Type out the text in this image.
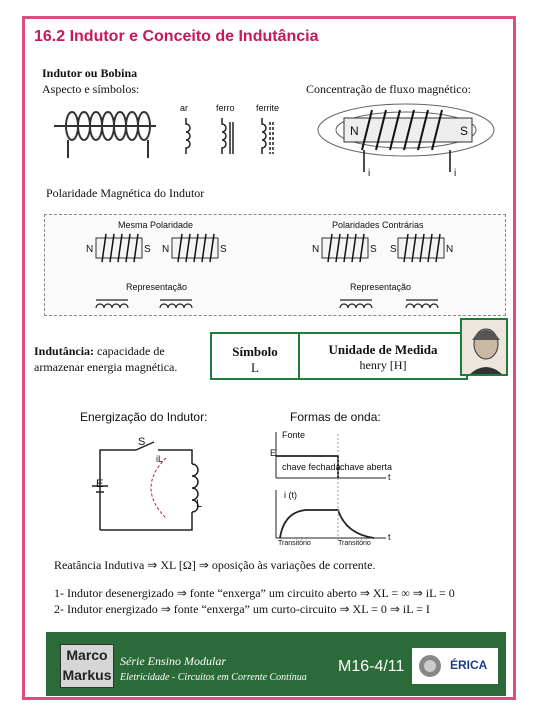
16.2 Indutor e Conceito de Indutância
Indutor ou Bobina
Aspecto e símbolos:	Concentração de fluxo magnético:
ar	ferro ferrite
N	S
i	i
Polaridade Magnética do Indutor
Mesma Polaridade	Polaridades Contrárias
N	S N	S	N	S S	N
Representação	Representação
Indutância: capacidade de
armazenar energia magnética.
Símbolo
L
Unidade de Medida
henry [H]
Energização do Indutor:
S
iL
E
L
Formas de onda:
Fonte
E
chave fechada chave aberta
i (t)
Transitório	Transitório
t
t
Reatância Indutiva ⇒ XL [Ω] ⇒ oposição às variações de corrente.
1- Indutor desenergizado ⇒ fonte “enxerga” um circuito aberto ⇒ XL = ∞ ⇒ iL = 0
2- Indutor energizado ⇒ fonte “enxerga” um curto-circuito ⇒ XL = 0 ⇒ iL = I
Marco
Markus
Série Ensino Modular
Eletricidade - Circuitos em Corrente Contínua
M16-4/11	ÉRICA
